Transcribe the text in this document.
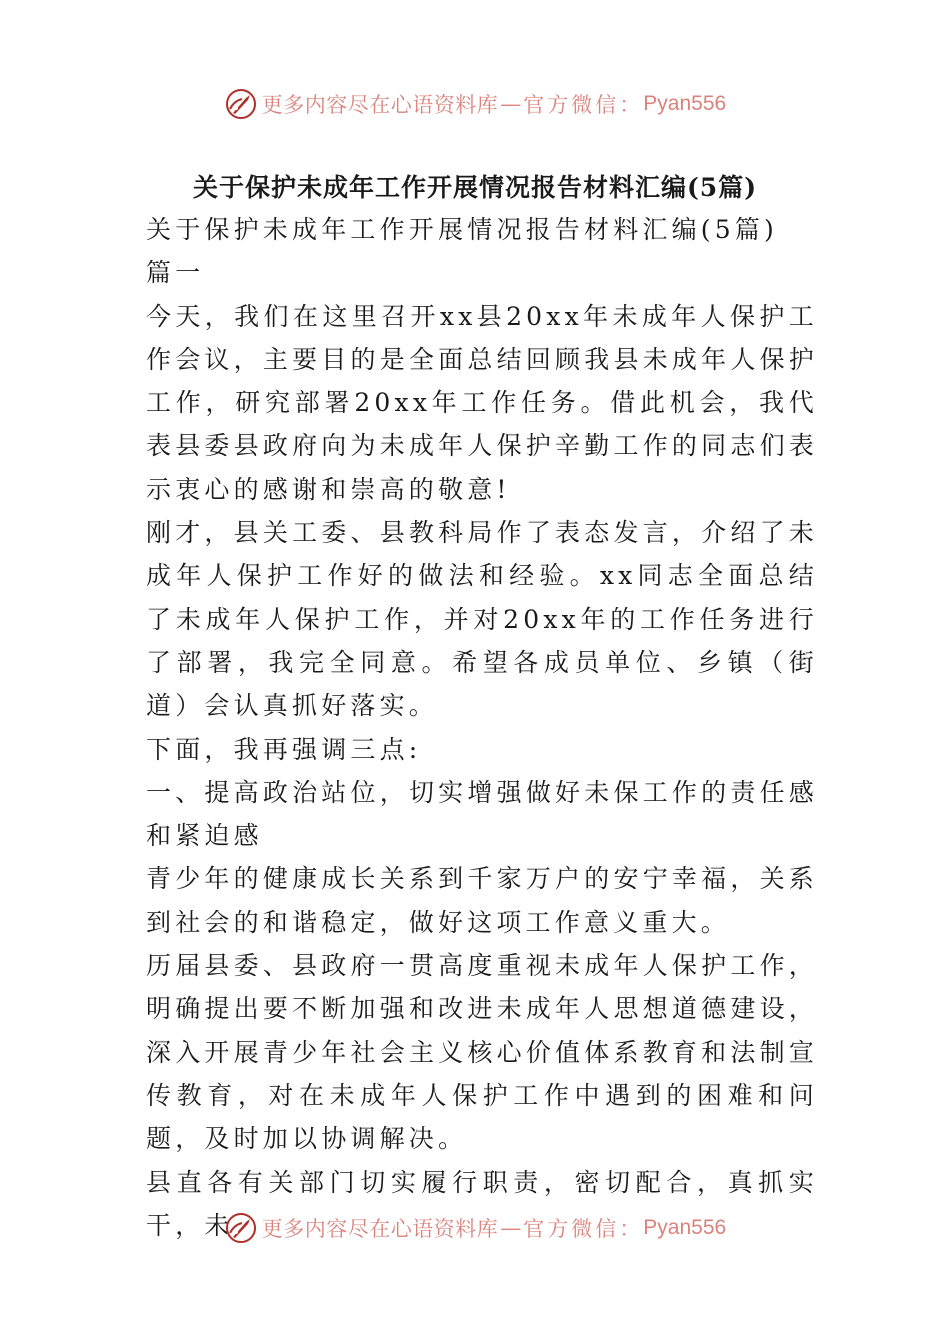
更多内容尽在心语资料库 — 官方微信： Pyan556
关于保护未成年工作开展情况报告材料汇编(5篇)

关于保护未成年工作开展情况报告材料汇编(5篇)

篇一

今天，我们在这里召开xx县20xx年未成年人保护工作会议，主要目的是全面总结回顾我县未成年人保护工作，研究部署20xx年工作任务。借此机会，我代表县委县政府向为未成年人保护辛勤工作的同志们表示衷心的感谢和崇高的敬意!

刚才，县关工委、县教科局作了表态发言，介绍了未成年人保护工作好的做法和经验。xx同志全面总结了未成年人保护工作，并对20xx年的工作任务进行了部署，我完全同意。希望各成员单位、乡镇（街道）会认真抓好落实。

下面，我再强调三点:

一、提高政治站位，切实增强做好未保工作的责任感和紧迫感

青少年的健康成长关系到千家万户的安宁幸福，关系到社会的和谐稳定，做好这项工作意义重大。

历届县委、县政府一贯高度重视未成年人保护工作，明确提出要不断加强和改进未成年人思想道德建设，深入开展青少年社会主义核心价值体系教育和法制宣传教育，对在未成年人保护工作中遇到的困难和问题，及时加以协调解决。

县直各有关部门切实履行职责，密切配合，真抓实干，未	更多内容尽在心语资料库 — 官方微信： Pyan556
